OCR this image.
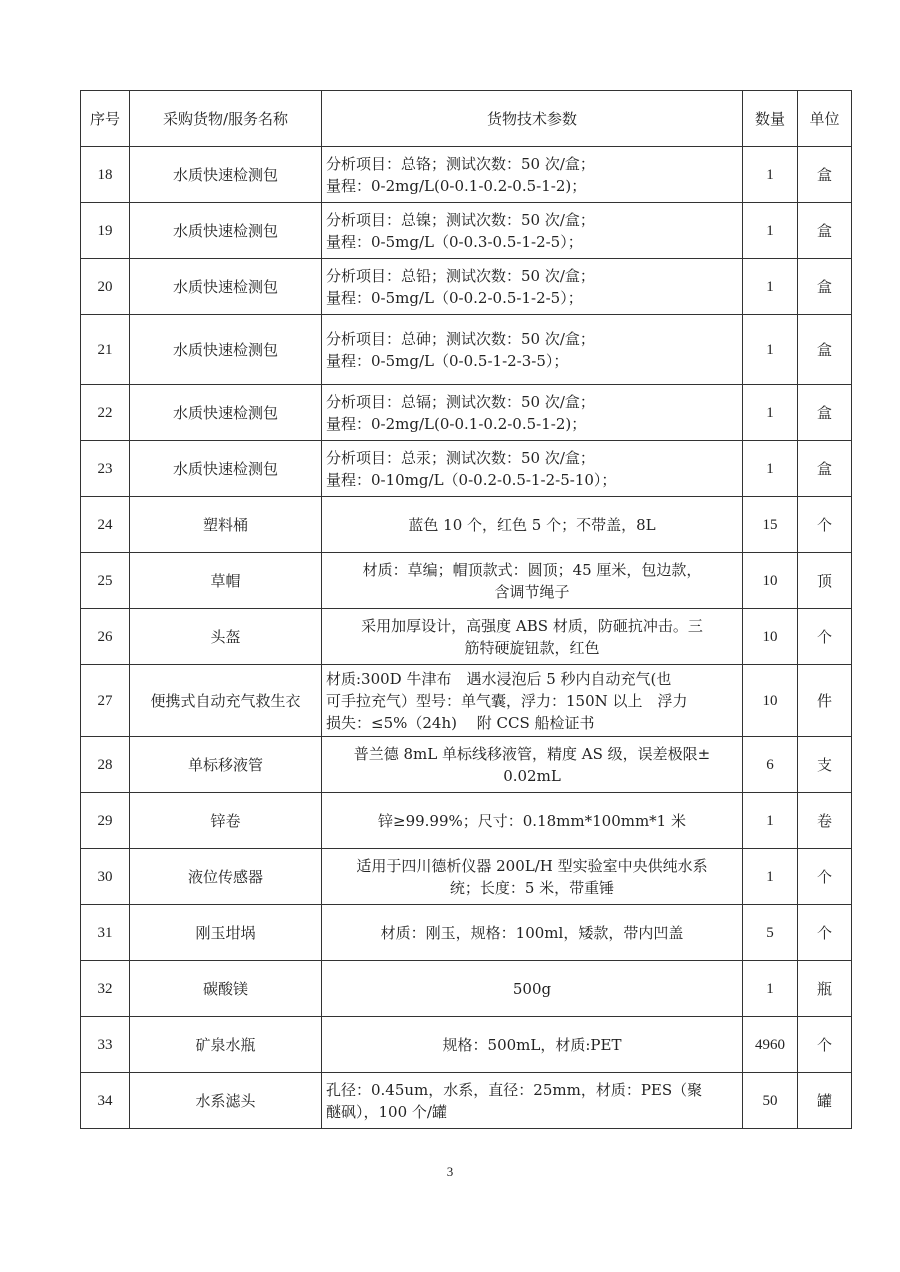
序号	采购货物/服务名称	货物技术参数	数量	单位
18	水质快速检测包	分析项目：总铬；测试次数：50 次/盒；
量程：0-2mg/L(0-0.1-0.2-0.5-1-2)；	1	盒
19	水质快速检测包	分析项目：总镍；测试次数：50 次/盒；
量程：0-5mg/L（0-0.3-0.5-1-2-5）；	1	盒
20	水质快速检测包	分析项目：总铅；测试次数：50 次/盒；
量程：0-5mg/L（0-0.2-0.5-1-2-5）；	1	盒
21	水质快速检测包	分析项目：总砷；测试次数：50 次/盒；
量程：0-5mg/L（0-0.5-1-2-3-5）；	1	盒
22	水质快速检测包	分析项目：总镉；测试次数：50 次/盒；
量程：0-2mg/L(0-0.1-0.2-0.5-1-2)；	1	盒
23	水质快速检测包	分析项目：总汞；测试次数：50 次/盒；
量程：0-10mg/L（0-0.2-0.5-1-2-5-10）；	1	盒
24	塑料桶	蓝色 10 个，红色 5 个；不带盖，8L	15	个
25	草帽	材质：草编；帽顶款式：圆顶；45 厘米，包边款，
含调节绳子	10	顶
26	头盔	采用加厚设计，高强度 ABS 材质，防砸抗冲击。三
筋特硬旋钮款，红色	10	个
27	便携式自动充气救生衣	材质:300D 牛津布　遇水浸泡后 5 秒内自动充气(也
可手拉充气）型号：单气囊，浮力：150N 以上　浮力
损失：≤5%（24h)　 附 CCS 船检证书	10	件
28	单标移液管	普兰德 8mL 单标线移液管，精度 AS 级，误差极限±
0.02mL	6	支
29	锌卷	锌≥99.99%；尺寸：0.18mm*100mm*1 米	1	卷
30	液位传感器	适用于四川德析仪器 200L/H 型实验室中央供纯水系
统；长度：5 米，带重锤	1	个
31	刚玉坩埚	材质：刚玉，规格：100ml，矮款，带内凹盖	5	个
32	碳酸镁	500g	1	瓶
33	矿泉水瓶	规格：500mL，材质:PET	4960	个
34	水系滤头	孔径：0.45um，水系，直径：25mm，材质：PES（聚
醚砜），100 个/罐	50	罐
3
